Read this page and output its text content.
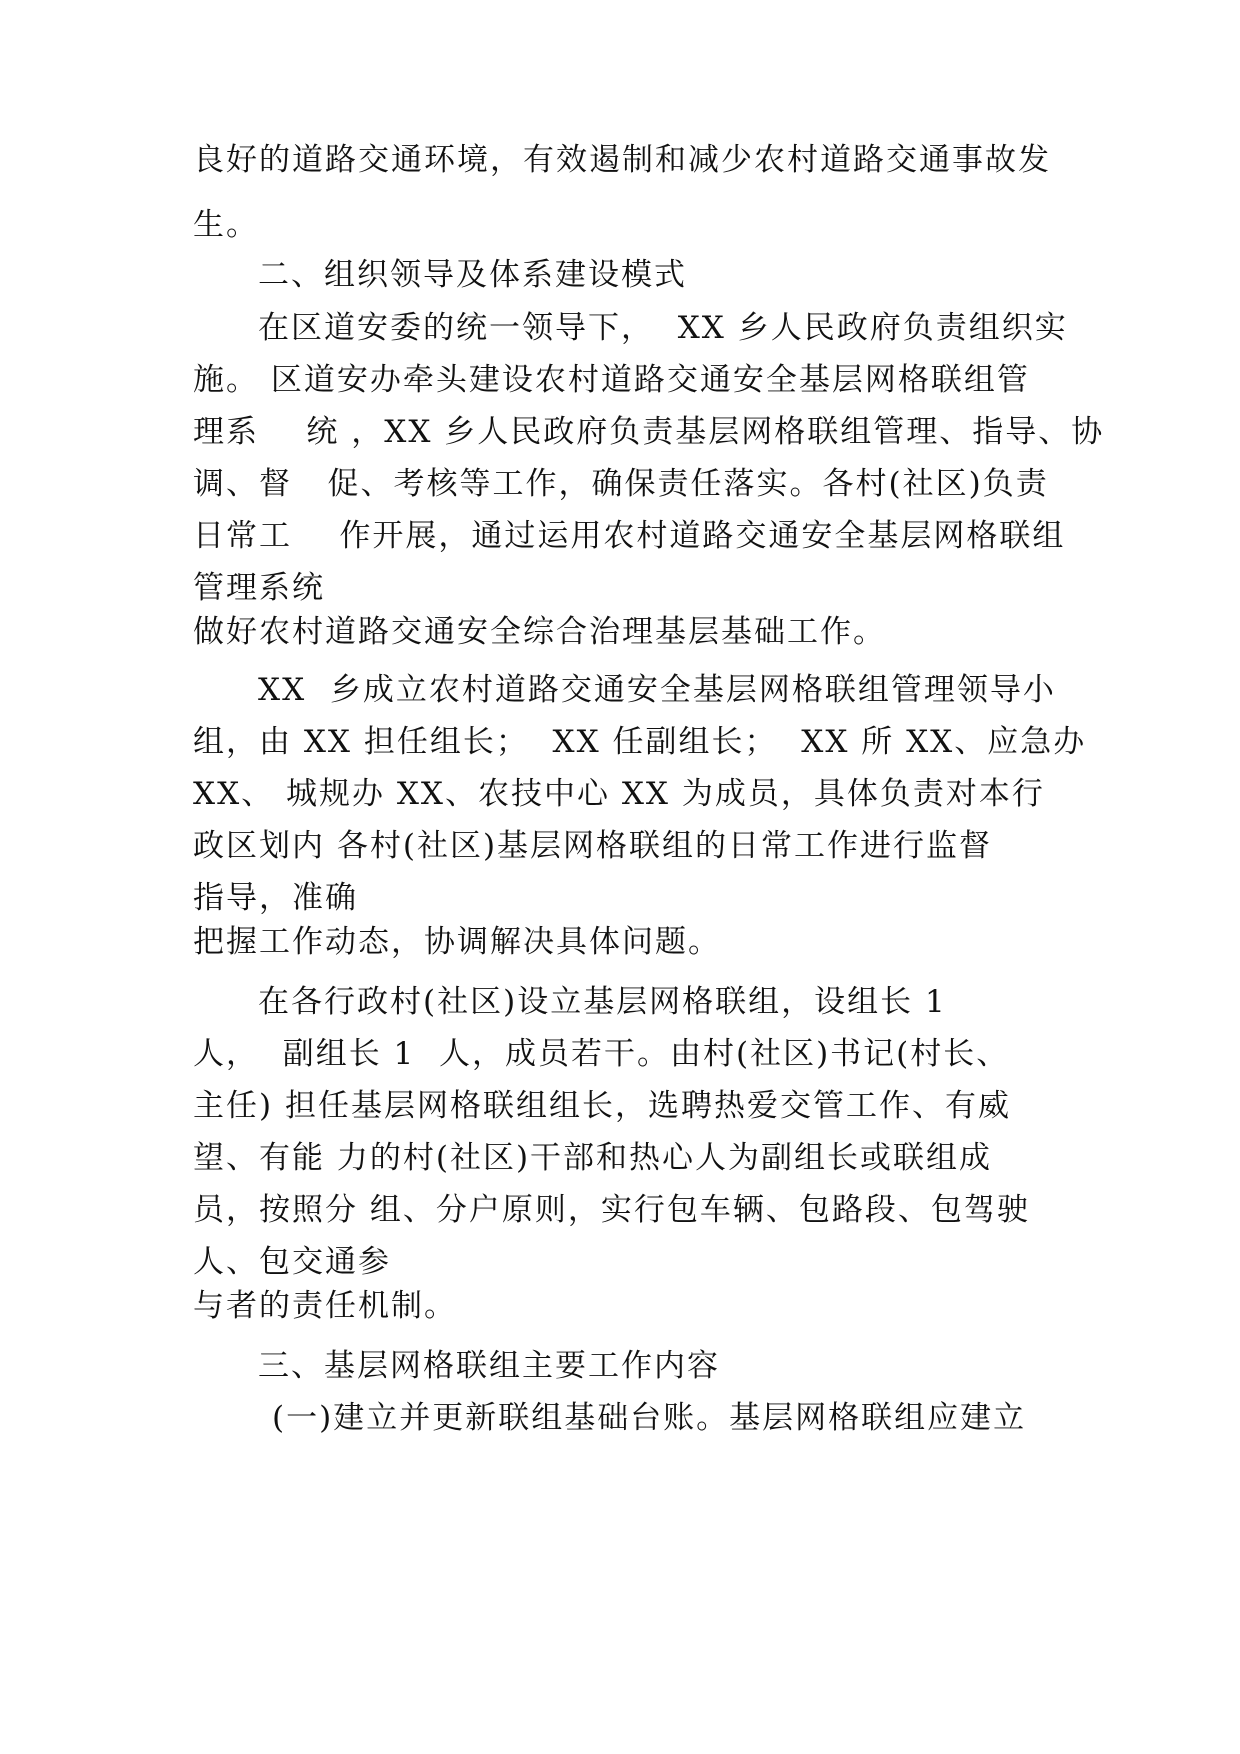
良好的道路交通环境，有效遏制和减少农村道路交通事故发
生。
二、组织领导及体系建设模式
在区道安委的统一领导下，  XX 乡人民政府负责组织实
施。 区道安办牵头建设农村道路交通安全基层网格联组管
理系    统 ，XX 乡人民政府负责基层网格联组管理、指导、协
调、督   促、考核等工作，确保责任落实。各村(社区)负责
日常工    作开展，通过运用农村道路交通安全基层网格联组
管理系统
做好农村道路交通安全综合治理基层基础工作。
XX  乡成立农村道路交通安全基层网格联组管理领导小
组，由 XX 担任组长；  XX 任副组长；  XX 所 XX、应急办
XX、 城规办 XX、农技中心 XX 为成员，具体负责对本行
政区划内 各村(社区)基层网格联组的日常工作进行监督
指导，准确
把握工作动态，协调解决具体问题。
在各行政村(社区)设立基层网格联组，设组长 1
人，  副组长 1  人，成员若干。由村(社区)书记(村长、
主任) 担任基层网格联组组长，选聘热爱交管工作、有威
望、有能 力的村(社区)干部和热心人为副组长或联组成
员，按照分 组、分户原则，实行包车辆、包路段、包驾驶
人、包交通参
与者的责任机制。
三、基层网格联组主要工作内容
(一)建立并更新联组基础台账。基层网格联组应建立
